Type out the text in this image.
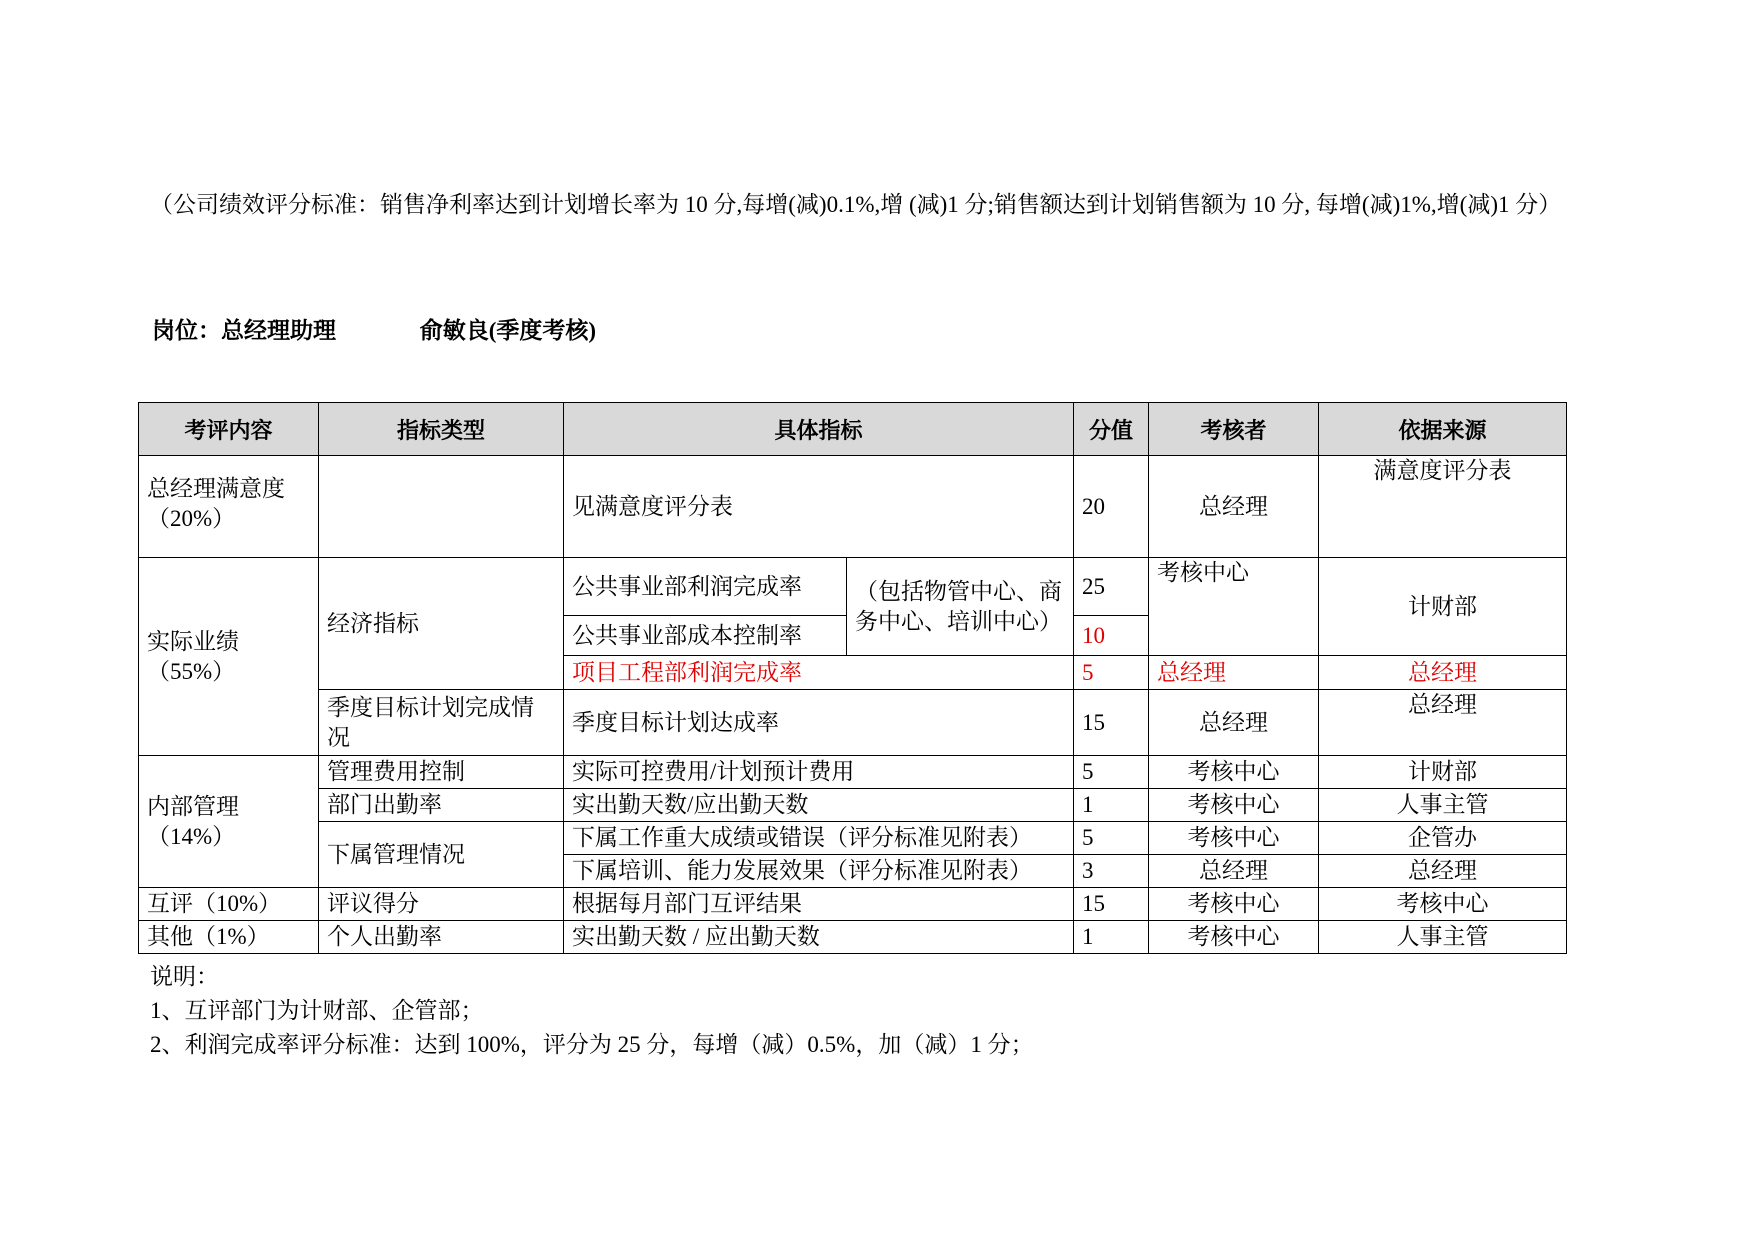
（公司绩效评分标准：销售净利率达到计划增长率为 10 分,每增(减)0.1%,增 (减)1 分;销售额达到计划销售额为 10 分, 每增(减)1%,增(减)1 分）
岗位：总经理助理	俞敏良(季度考核)
考评内容	指标类型	具体指标		分值	考核者	依据来源
总经理满意度（20%）		见满意度评分表		20	总经理	满意度评分表
实际业绩（55%）	经济指标	公共事业部利润完成率	（包括物管中心、商务中心、培训中心）	25	考核中心	计财部
		公共事业部成本控制率		10		
		项目工程部利润完成率		5	总经理	总经理
	季度目标计划完成情况	季度目标计划达成率		15	总经理	总经理

内部管理（14%）	管理费用控制	实际可控费用/计划预计费用		5	考核中心	计财部
	部门出勤率	实出勤天数/应出勤天数		1	考核中心	人事主管
	下属管理情况	下属工作重大成绩或错误（评分标准见附表）		5	考核中心	企管办
		下属培训、能力发展效果（评分标准见附表）		3	总经理	总经理
互评（10%）	评议得分	根据每月部门互评结果		15	考核中心	考核中心
其他（1%）	个人出勤率	实出勤天数 / 应出勤天数		1	考核中心	人事主管
说明：
1、互评部门为计财部、企管部；
2、利润完成率评分标准：达到 100%，评分为 25 分，每增（减）0.5%，加（减）1 分；
